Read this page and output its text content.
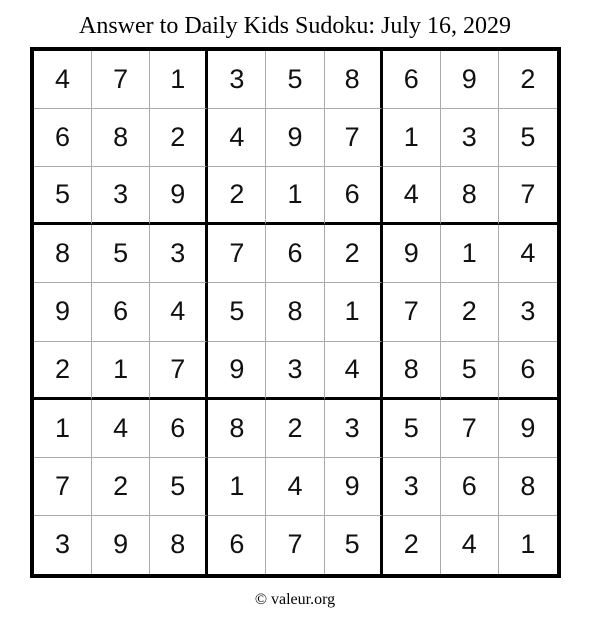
Answer to Daily Kids Sudoku: July 16, 2029
4	7	1	3	5	8	6	9	2
6	8	2	4	9	7	1	3	5
5	3	9	2	1	6	4	8	7
8	5	3	7	6	2	9	1	4
9	6	4	5	8	1	7	2	3
2	1	7	9	3	4	8	5	6
1	4	6	8	2	3	5	7	9
7	2	5	1	4	9	3	6	8
3	9	8	6	7	5	2	4	1
© valeur.org
